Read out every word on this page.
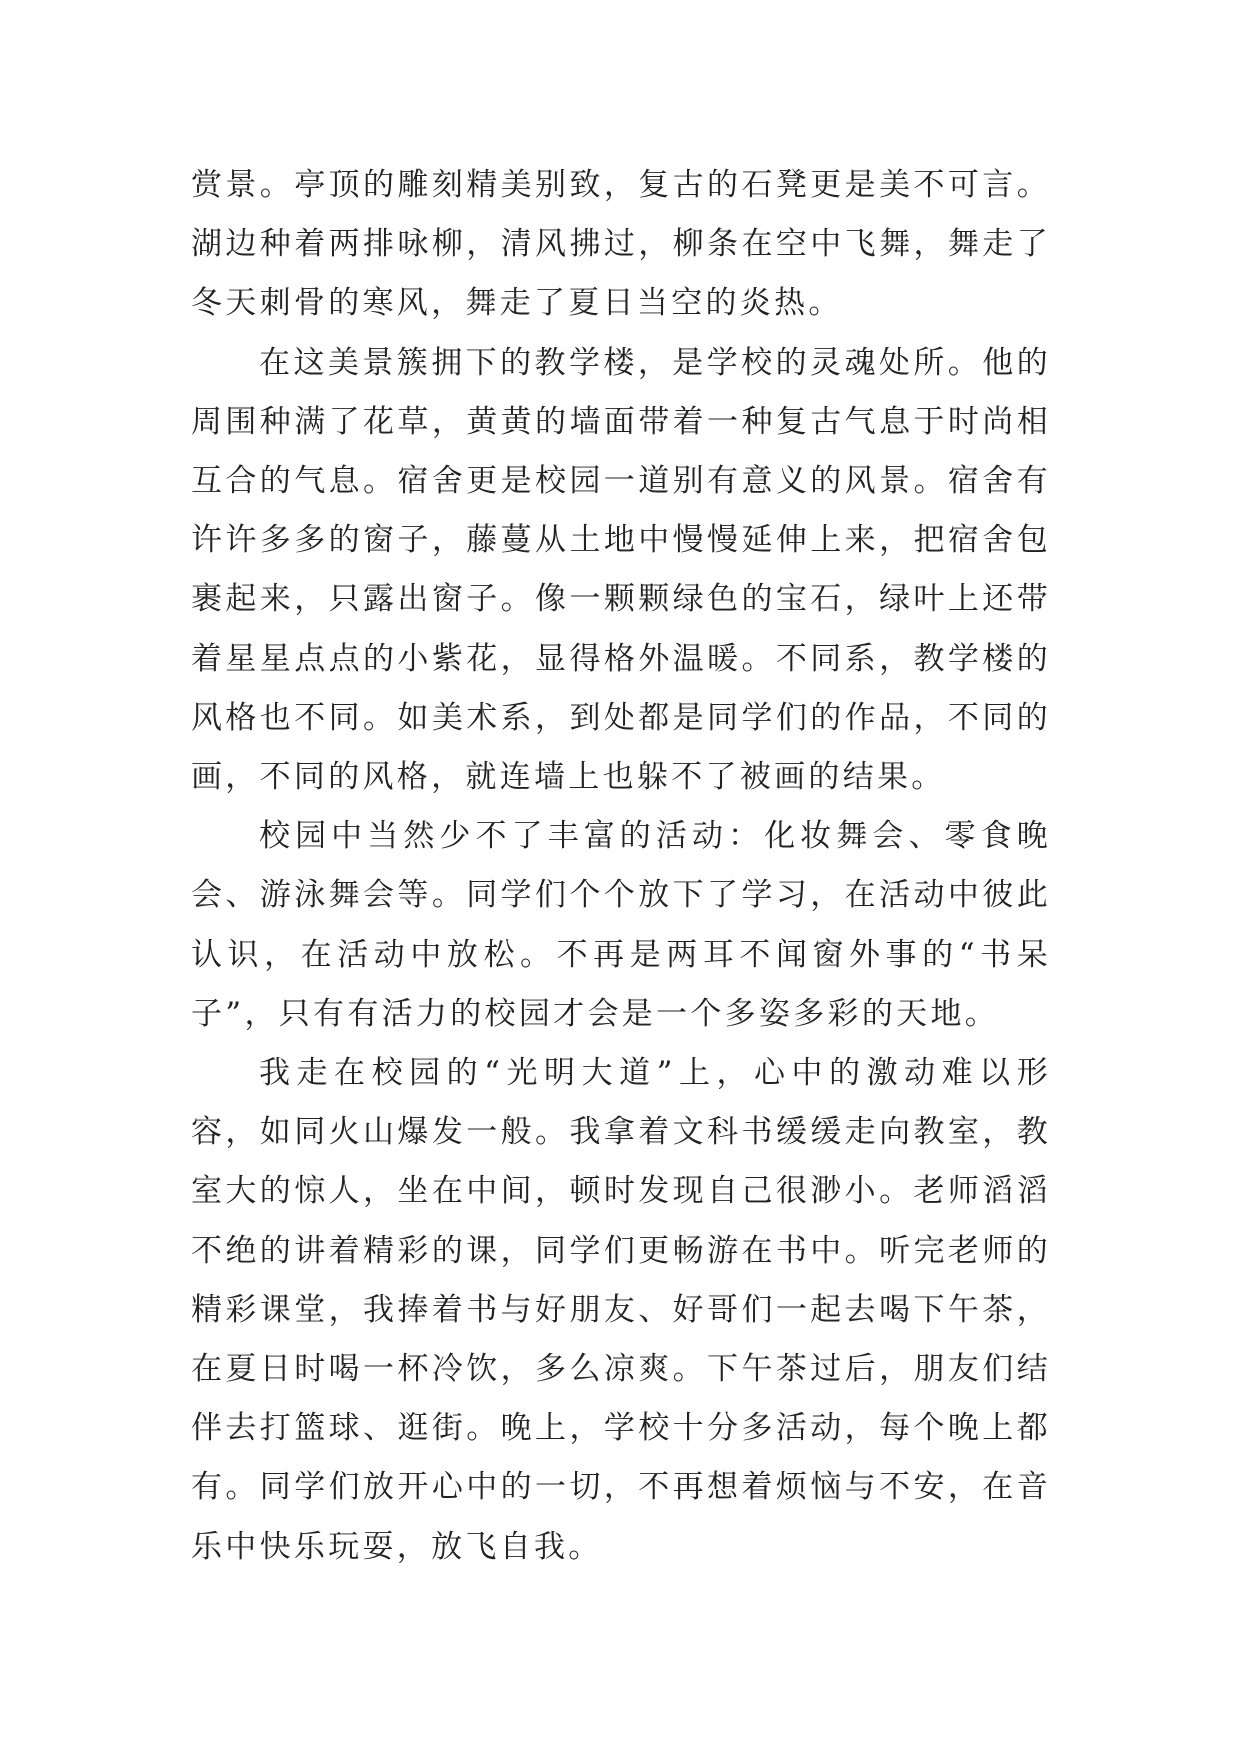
赏景。亭顶的雕刻精美别致，复古的石凳更是美不可言。湖边种着两排咏柳，清风拂过，柳条在空中飞舞，舞走了冬天刺骨的寒风，舞走了夏日当空的炎热。

在这美景簇拥下的教学楼，是学校的灵魂处所。他的周围种满了花草，黄黄的墙面带着一种复古气息于时尚相互合的气息。宿舍更是校园一道别有意义的风景。宿舍有许许多多的窗子，藤蔓从土地中慢慢延伸上来，把宿舍包裹起来，只露出窗子。像一颗颗绿色的宝石，绿叶上还带着星星点点的小紫花，显得格外温暖。不同系，教学楼的风格也不同。如美术系，到处都是同学们的作品，不同的画，不同的风格，就连墙上也躲不了被画的结果。

校园中当然少不了丰富的活动：化妆舞会、零食晚会、游泳舞会等。同学们个个放下了学习，在活动中彼此认识，在活动中放松。不再是两耳不闻窗外事的“书呆子”，只有有活力的校园才会是一个多姿多彩的天地。

我走在校园的“光明大道”上，心中的激动难以形容，如同火山爆发一般。我拿着文科书缓缓走向教室，教室大的惊人，坐在中间，顿时发现自己很渺小。老师滔滔不绝的讲着精彩的课，同学们更畅游在书中。听完老师的精彩课堂，我捧着书与好朋友、好哥们一起去喝下午茶，在夏日时喝一杯冷饮，多么凉爽。下午茶过后，朋友们结伴去打篮球、逛街。晚上，学校十分多活动，每个晚上都有。同学们放开心中的一切，不再想着烦恼与不安，在音乐中快乐玩耍，放飞自我。
